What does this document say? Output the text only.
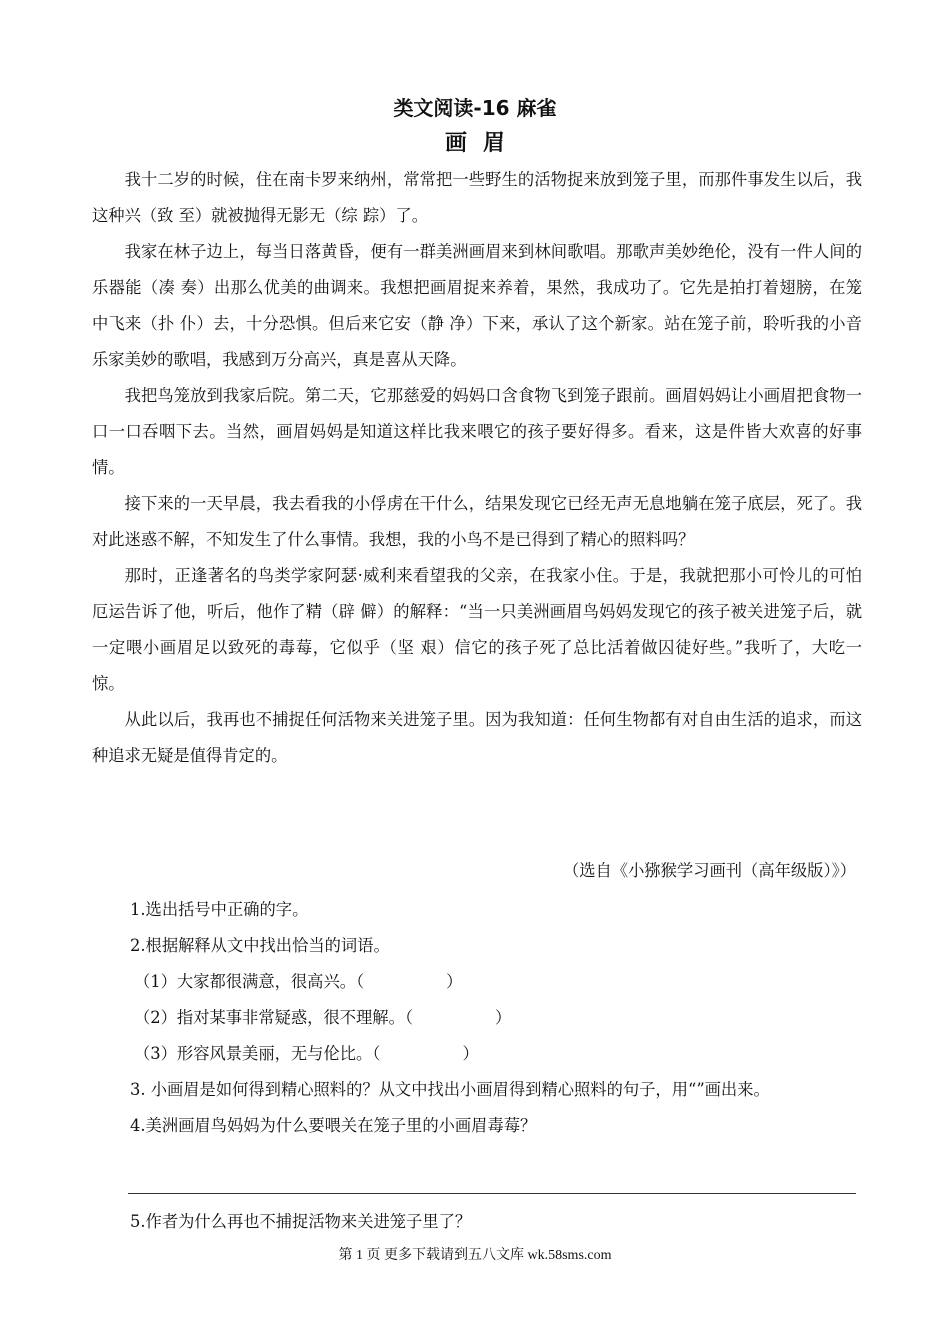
类文阅读-16 麻雀
画眉

我十二岁的时候，住在南卡罗来纳州，常常把一些野生的活物捉来放到笼子里，而那件事发生以后，我这种兴（致 至）就被抛得无影无（综 踪）了。

我家在林子边上，每当日落黄昏，便有一群美洲画眉来到林间歌唱。那歌声美妙绝伦，没有一件人间的乐器能（凑 奏）出那么优美的曲调来。我想把画眉捉来养着，果然，我成功了。它先是拍打着翅膀，在笼中飞来（扑 仆）去，十分恐惧。但后来它安（静 净）下来，承认了这个新家。站在笼子前，聆听我的小音乐家美妙的歌唱，我感到万分高兴，真是喜从天降。

我把鸟笼放到我家后院。第二天，它那慈爱的妈妈口含食物飞到笼子跟前。画眉妈妈让小画眉把食物一口一口吞咽下去。当然，画眉妈妈是知道这样比我来喂它的孩子要好得多。看来，这是件皆大欢喜的好事情。

接下来的一天早晨，我去看我的小俘虏在干什么，结果发现它已经无声无息地躺在笼子底层，死了。我对此迷惑不解，不知发生了什么事情。我想，我的小鸟不是已得到了精心的照料吗？

那时，正逢著名的鸟类学家阿瑟·威利来看望我的父亲，在我家小住。于是，我就把那小可怜儿的可怕厄运告诉了他，听后，他作了精（辟 僻）的解释：“当一只美洲画眉鸟妈妈发现它的孩子被关进笼子后，就一定喂小画眉足以致死的毒莓，它似乎（坚 艰）信它的孩子死了总比活着做囚徒好些。”我听了，大吃一惊。

从此以后，我再也不捕捉任何活物来关进笼子里。因为我知道：任何生物都有对自由生活的追求，而这种追求无疑是值得肯定的。

（选自《小猕猴学习画刊（高年级版）》）

1.选出括号中正确的字。

2.根据解释从文中找出恰当的词语。

（1）大家都很满意，很高兴。（	）

（2）指对某事非常疑惑，很不理解。（	）

（3）形容风景美丽，无与伦比。（	）

3. 小画眉是如何得到精心照料的？从文中找出小画眉得到精心照料的句子，用“”画出来。

4.美洲画眉鸟妈妈为什么要喂关在笼子里的小画眉毒莓？

5.作者为什么再也不捕捉活物来关进笼子里了？
第 1 页 更多下载请到五八文库 wk.58sms.com
